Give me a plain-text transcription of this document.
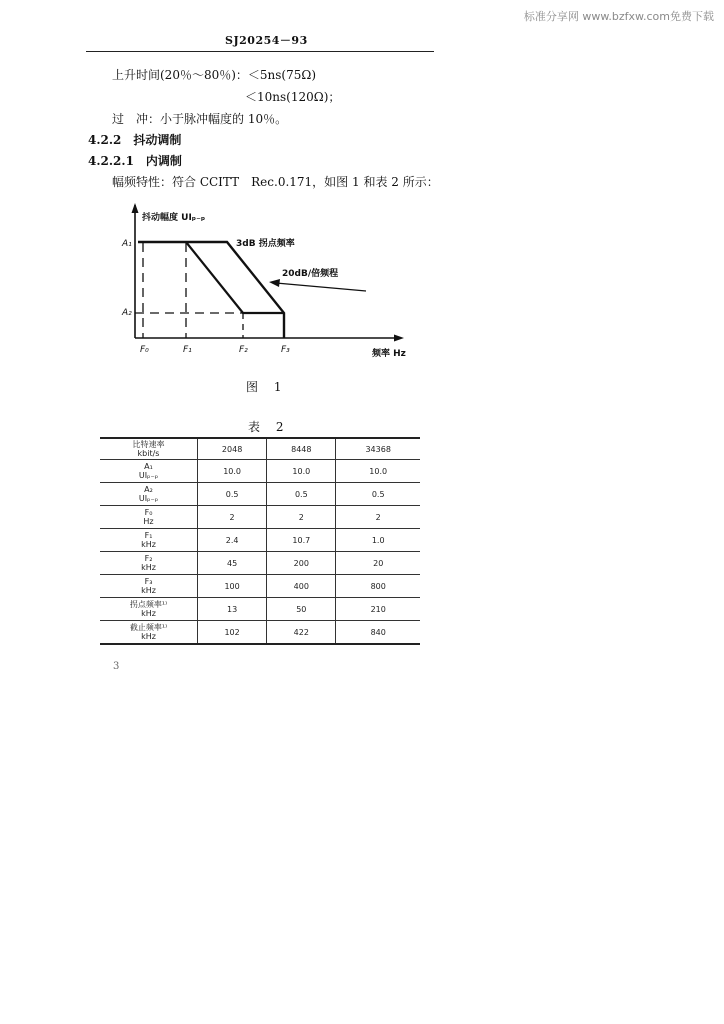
标准分享网 www.bzfxw.com免费下载
SJ20254－93
上升时间(20％～80％)：＜5ns(75Ω)
＜10ns(120Ω)；
过　冲：小于脉冲幅度的 10％。
4.2.2　抖动调制
4.2.2.1　内调制
幅频特性：符合 CCITT　Rec.0.171，如图 1 和表 2 所示：
抖动幅度 UIₚ₋ₚ
A₁
A₂
3dB 拐点频率
20dB/倍频程
F₀	F₁	F₂	F₃	频率 Hz
图 1
表 2
比特速率
kbit/s	2048	8448	34368

A₁
UIₚ₋ₚ	10.0	10.0	10.0

A₂
UIₚ₋ₚ	0.5	0.5	0.5

F₀
Hz	2	2	2

F₁
kHz	2.4	10.7	1.0

F₂
kHz	45	200	20

F₃
kHz	100	400	800

拐点频率¹⁾
kHz	13	50	210

截止频率¹⁾
kHz	102	422	840
3
